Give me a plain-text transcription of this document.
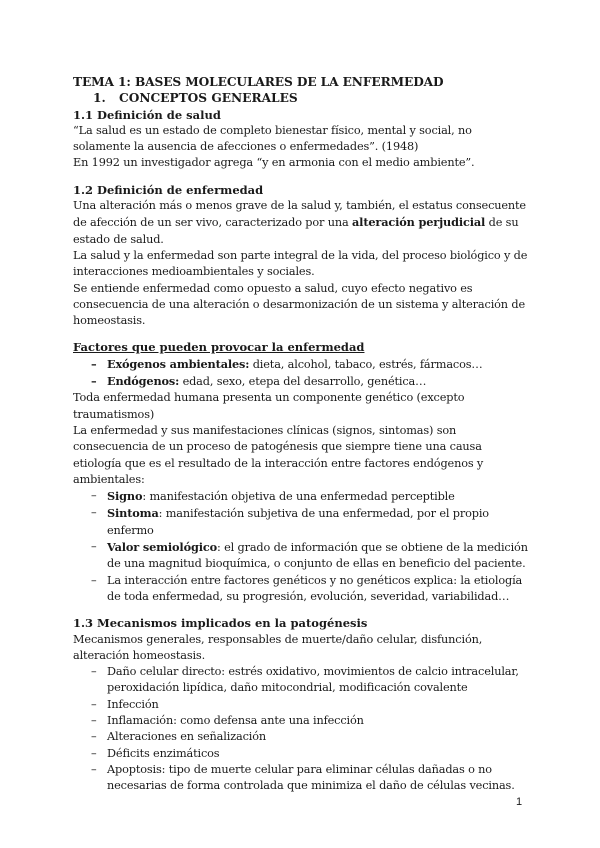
TEMA 1: BASES MOLECULARES DE LA ENFERMEDAD
1. CONCEPTOS GENERALES
1.1 Definición de salud

“La salud es un estado de completo bienestar físico, mental y social, no solamente la ausencia de afecciones o enfermedades”. (1948)

En 1992 un investigador agrega “y en armonia con el medio ambiente”.

1.2 Definición de enfermedad

Una alteración más o menos grave de la salud y, también, el estatus consecuente de afección de un ser vivo, caracterizado por una alteración perjudicial de su estado de salud.

La salud y la enfermedad son parte integral de la vida, del proceso biológico y de interacciones medioambientales y sociales.

Se entiende enfermedad como opuesto a salud, cuyo efecto negativo es consecuencia de una alteración o desarmonización de un sistema y alteración de homeostasis.

Factores que pueden provocar la enfermedad
– Exógenos ambientales: dieta, alcohol, tabaco, estrés, fármacos…
– Endógenos: edad, sexo, etepa del desarrollo, genética…

Toda enfermedad humana presenta un componente genético (excepto traumatismos)

La enfermedad y sus manifestaciones clínicas (signos, sintomas) son consecuencia de un proceso de patogénesis que siempre tiene una causa etiología que es el resultado de la interacción entre factores endógenos y ambientales:

– Signo: manifestación objetiva de una enfermedad perceptible
– Sintoma: manifestación subjetiva de una enfermedad, por el propio enfermo
– Valor semiológico: el grado de información que se obtiene de la medición de una magnitud bioquímica, o conjunto de ellas en beneficio del paciente.
– La interacción entre factores genéticos y no genéticos explica: la etiología de toda enfermedad, su progresión, evolución, severidad, variabilidad…
1.3 Mecanismos implicados en la patogénesis

Mecanismos generales, responsables de muerte/daño celular, disfunción, alteración homeostasis.

– Daño celular directo: estrés oxidativo, movimientos de calcio intracelular, peroxidación lipídica, daño mitocondrial, modificación covalente
– Infección
– Inflamación: como defensa ante una infección
– Alteraciones en señalización
– Déficits enzimáticos
– Apoptosis: tipo de muerte celular para eliminar células dañadas o no necesarias de forma controlada que minimiza el daño de células vecinas.
1
